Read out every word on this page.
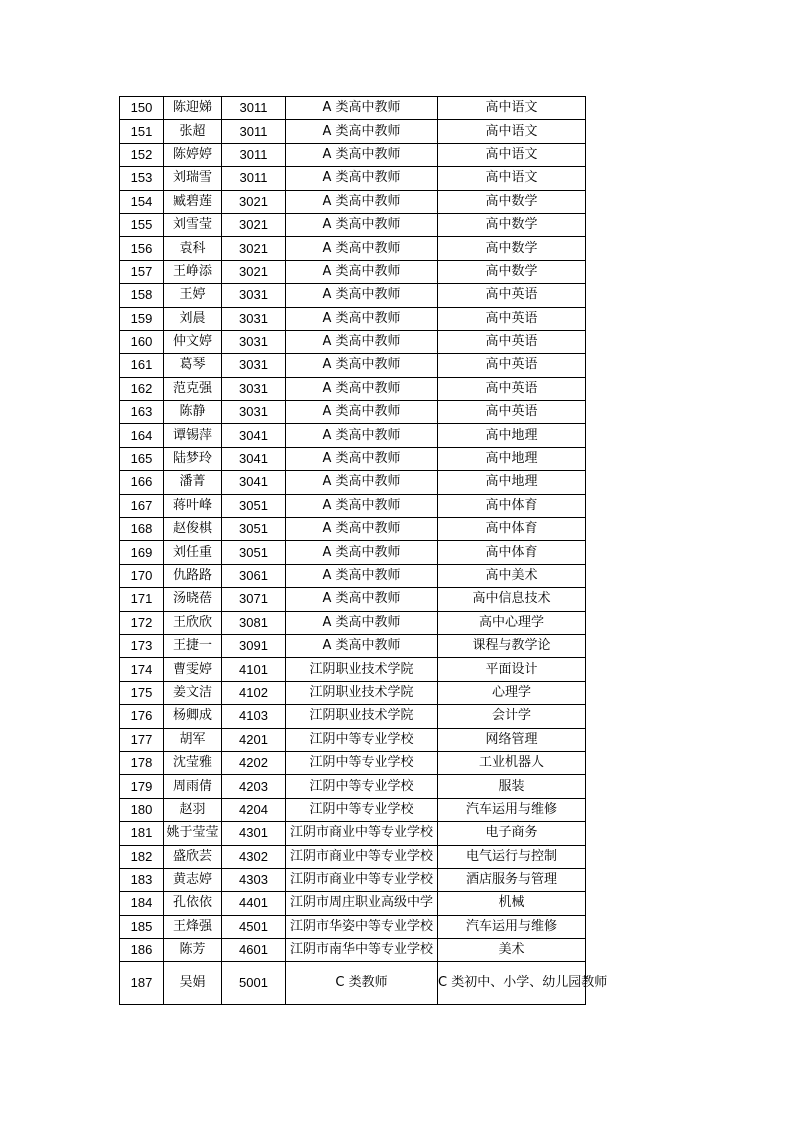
150	陈迎娣	3011	A 类高中教师	高中语文
151	张超	3011	A 类高中教师	高中语文
152	陈婷婷	3011	A 类高中教师	高中语文
153	刘瑞雪	3011	A 类高中教师	高中语文
154	臧碧莲	3021	A 类高中教师	高中数学
155	刘雪莹	3021	A 类高中教师	高中数学
156	袁科	3021	A 类高中教师	高中数学
157	王峥添	3021	A 类高中教师	高中数学
158	王婷	3031	A 类高中教师	高中英语
159	刘晨	3031	A 类高中教师	高中英语
160	仲文婷	3031	A 类高中教师	高中英语
161	葛琴	3031	A 类高中教师	高中英语
162	范克强	3031	A 类高中教师	高中英语
163	陈静	3031	A 类高中教师	高中英语
164	谭锡萍	3041	A 类高中教师	高中地理
165	陆梦玲	3041	A 类高中教师	高中地理
166	潘菁	3041	A 类高中教师	高中地理
167	蒋叶峰	3051	A 类高中教师	高中体育
168	赵俊棋	3051	A 类高中教师	高中体育
169	刘任重	3051	A 类高中教师	高中体育
170	仇路路	3061	A 类高中教师	高中美术
171	汤晓蓓	3071	A 类高中教师	高中信息技术
172	王欣欣	3081	A 类高中教师	高中心理学
173	王捷一	3091	A 类高中教师	课程与教学论
174	曹雯婷	4101	江阴职业技术学院	平面设计
175	姜文洁	4102	江阴职业技术学院	心理学
176	杨卿成	4103	江阴职业技术学院	会计学
177	胡军	4201	江阴中等专业学校	网络管理
178	沈莹雅	4202	江阴中等专业学校	工业机器人
179	周雨倩	4203	江阴中等专业学校	服装
180	赵羽	4204	江阴中等专业学校	汽车运用与维修
181	姚于莹莹	4301	江阴市商业中等专业学校	电子商务
182	盛欣芸	4302	江阴市商业中等专业学校	电气运行与控制
183	黄志婷	4303	江阴市商业中等专业学校	酒店服务与管理
184	孔依依	4401	江阴市周庄职业高级中学	机械
185	王烽强	4501	江阴市华姿中等专业学校	汽车运用与维修
186	陈芳	4601	江阴市南华中等专业学校	美术
187	吴娟	5001	C 类教师	C 类初中、小学、幼儿园教师
